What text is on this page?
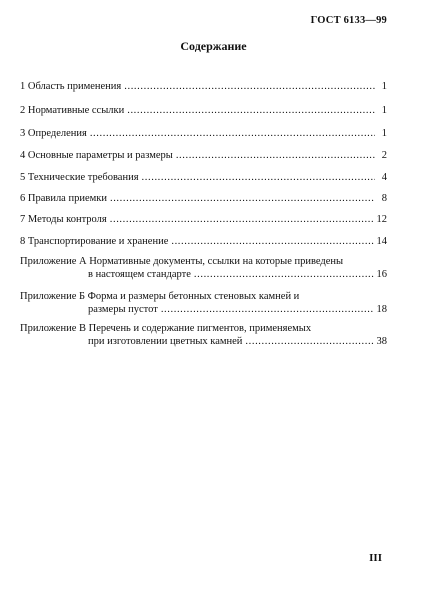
ГОСТ 6133—99
Содержание
1 Область применения .....	1
2 Нормативные ссылки .....	1
3 Определения .....	1
4 Основные параметры и размеры .....	2
5 Технические требования .....	4
6 Правила приемки .....	8
7 Методы контроля .....	12
8 Транспортирование и хранение .....	14
Приложение А Нормативные документы, ссылки на которые приведены
в настоящем стандарте .....	16
Приложение Б Форма и размеры бетонных стеновых камней и
размеры пустот .....	18
Приложение В Перечень и содержание пигментов, применяемых
при изготовлении цветных камней .....	38
III
